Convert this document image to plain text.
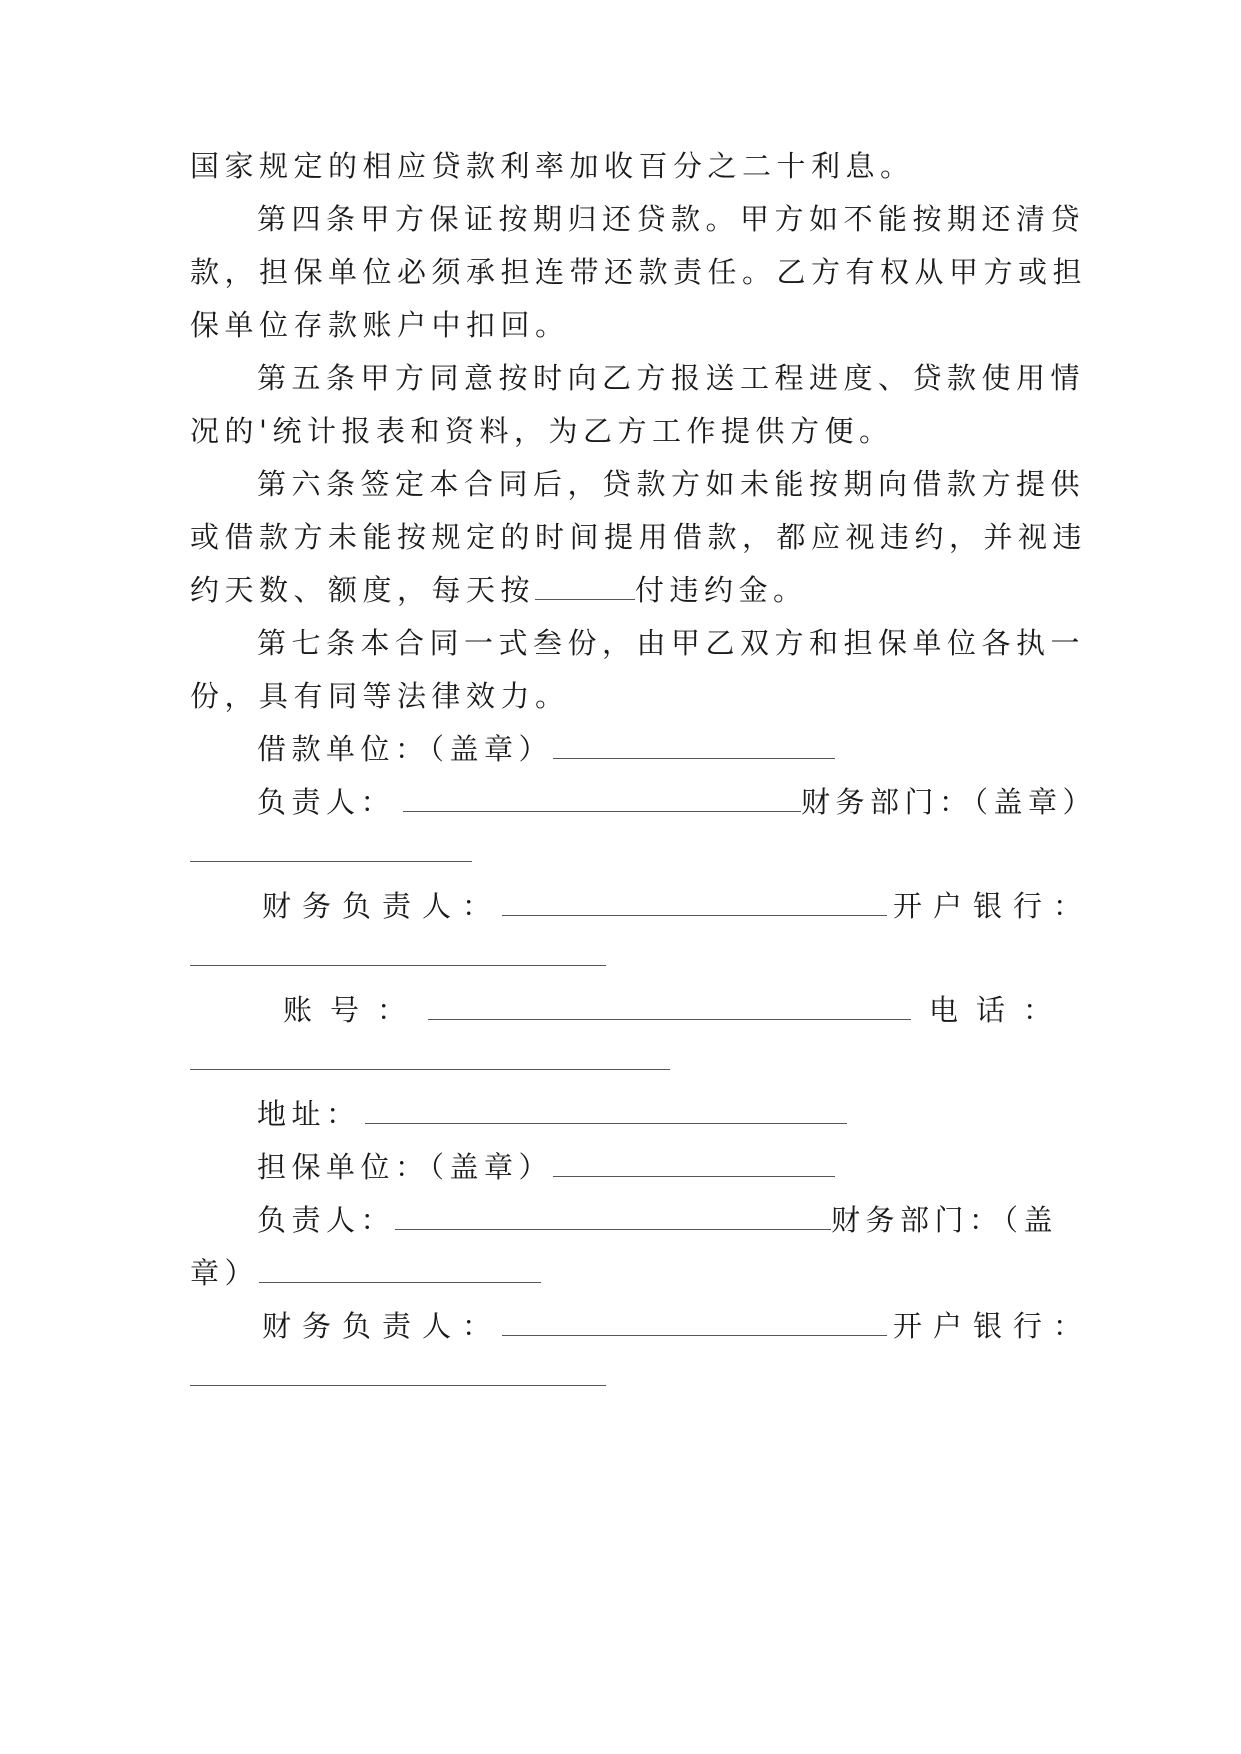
国家规定的相应贷款利率加收百分之二十利息。
第四条甲方保证按期归还贷款。甲方如不能按期还清贷
款，担保单位必须承担连带还款责任。乙方有权从甲方或担
保单位存款账户中扣回。
第五条甲方同意按时向乙方报送工程进度、贷款使用情
况的'统计报表和资料，为乙方工作提供方便。
第六条签定本合同后，贷款方如未能按期向借款方提供
或借款方未能按规定的时间提用借款，都应视违约，并视违
约天数、额度，每天按	付违约金。
第七条本合同一式叁份，由甲乙双方和担保单位各执一
份，具有同等法律效力。
借款单位：（盖章）
负责人：	财务部门：（盖章）
财务负责人：	开户银行：
账号：	电话：
地址：
担保单位：（盖章）
负责人：	财务部门：（盖
章）
财务负责人：	开户银行：
